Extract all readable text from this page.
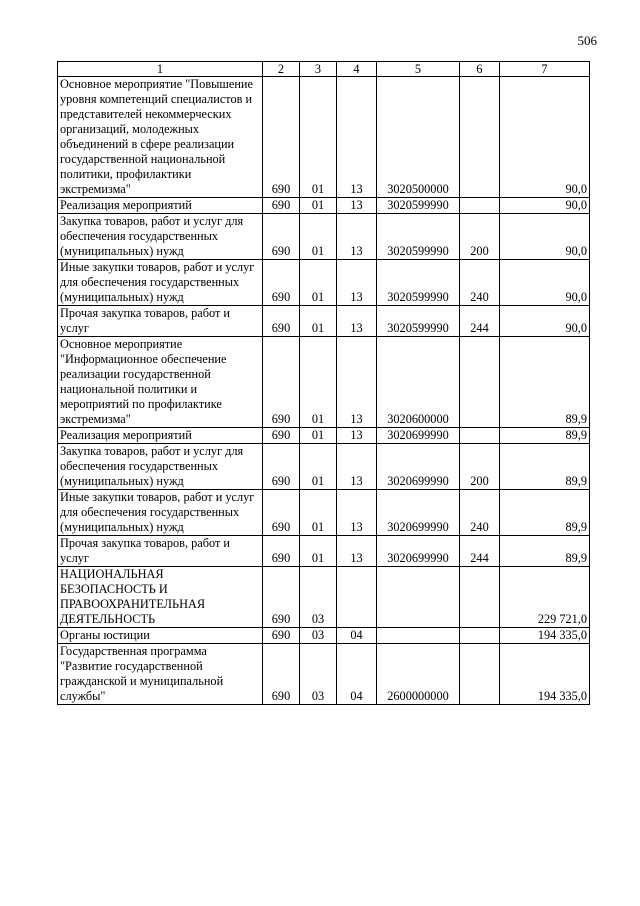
506
1	2	3	4	5	6	7
Основное мероприятие "Повышение уровня компетенций специалистов и представителей некоммерческих организаций, молодежных объединений в сфере реализации государственной национальной политики, профилактики экстремизма"	690	01	13	3020500000		90,0
Реализация мероприятий	690	01	13	3020599990		90,0
Закупка товаров, работ и услуг для обеспечения государственных (муниципальных) нужд	690	01	13	3020599990	200	90,0
Иные закупки товаров, работ и услуг для обеспечения государственных (муниципальных) нужд	690	01	13	3020599990	240	90,0
Прочая закупка товаров, работ и услуг	690	01	13	3020599990	244	90,0
Основное мероприятие "Информационное обеспечение реализации государственной национальной политики и мероприятий по профилактике экстремизма"	690	01	13	3020600000		89,9
Реализация мероприятий	690	01	13	3020699990		89,9
Закупка товаров, работ и услуг для обеспечения государственных (муниципальных) нужд	690	01	13	3020699990	200	89,9
Иные закупки товаров, работ и услуг для обеспечения государственных (муниципальных) нужд	690	01	13	3020699990	240	89,9
Прочая закупка товаров, работ и услуг	690	01	13	3020699990	244	89,9
НАЦИОНАЛЬНАЯ БЕЗОПАСНОСТЬ И ПРАВООХРАНИТЕЛЬНАЯ ДЕЯТЕЛЬНОСТЬ	690	03				229 721,0
Органы юстиции	690	03	04			194 335,0
Государственная программа "Развитие государственной гражданской и муниципальной службы"	690	03	04	2600000000		194 335,0
